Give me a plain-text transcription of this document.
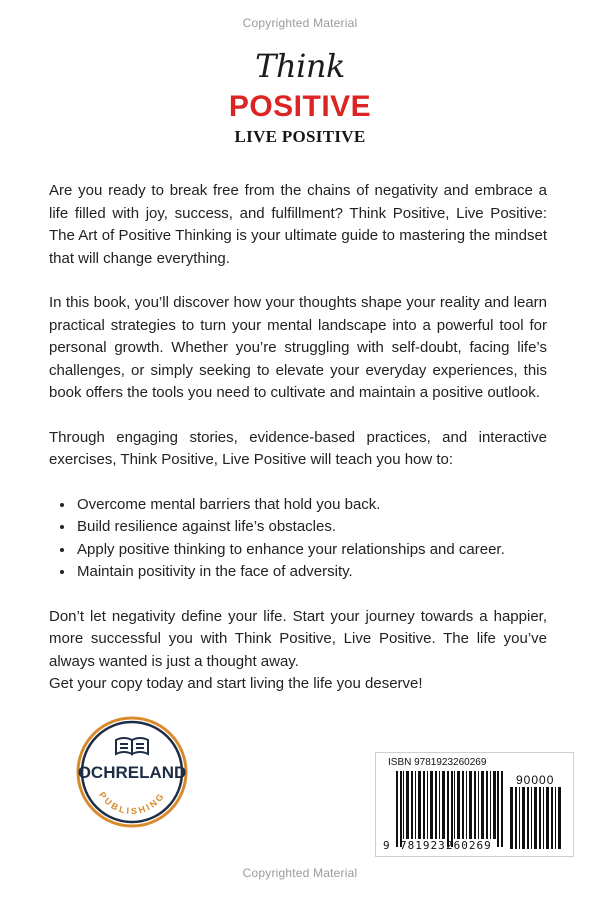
Copyrighted Material
Think
POSITIVE
LIVE POSITIVE

Are you ready to break free from the chains of negativity and embrace a life filled with joy, success, and fulfillment? Think Positive, Live Positive: The Art of Positive Thinking is your ultimate guide to mastering the mindset that will change everything.

In this book, you’ll discover how your thoughts shape your reality and learn practical strategies to turn your mental landscape into a powerful tool for personal growth. Whether you’re struggling with self-doubt, facing life’s challenges, or simply seeking to elevate your everyday experiences, this book offers the tools you need to cultivate and maintain a positive outlook.

Through engaging stories, evidence-based practices, and interactive exercises, Think Positive, Live Positive will teach you how to:

• Overcome mental barriers that hold you back.
• Build resilience against life’s obstacles.
• Apply positive thinking to enhance your relationships and career.
• Maintain positivity in the face of adversity.

Don’t let negativity define your life. Start your journey towards a happier, more successful you with Think Positive, Live Positive. The life you’ve always wanted is just a thought away.

Get your copy today and start living the life you deserve!

OCHRELAND
PUBLISHING
ISBN 9781923260269
90000
9 781923 260269
Copyrighted Material
